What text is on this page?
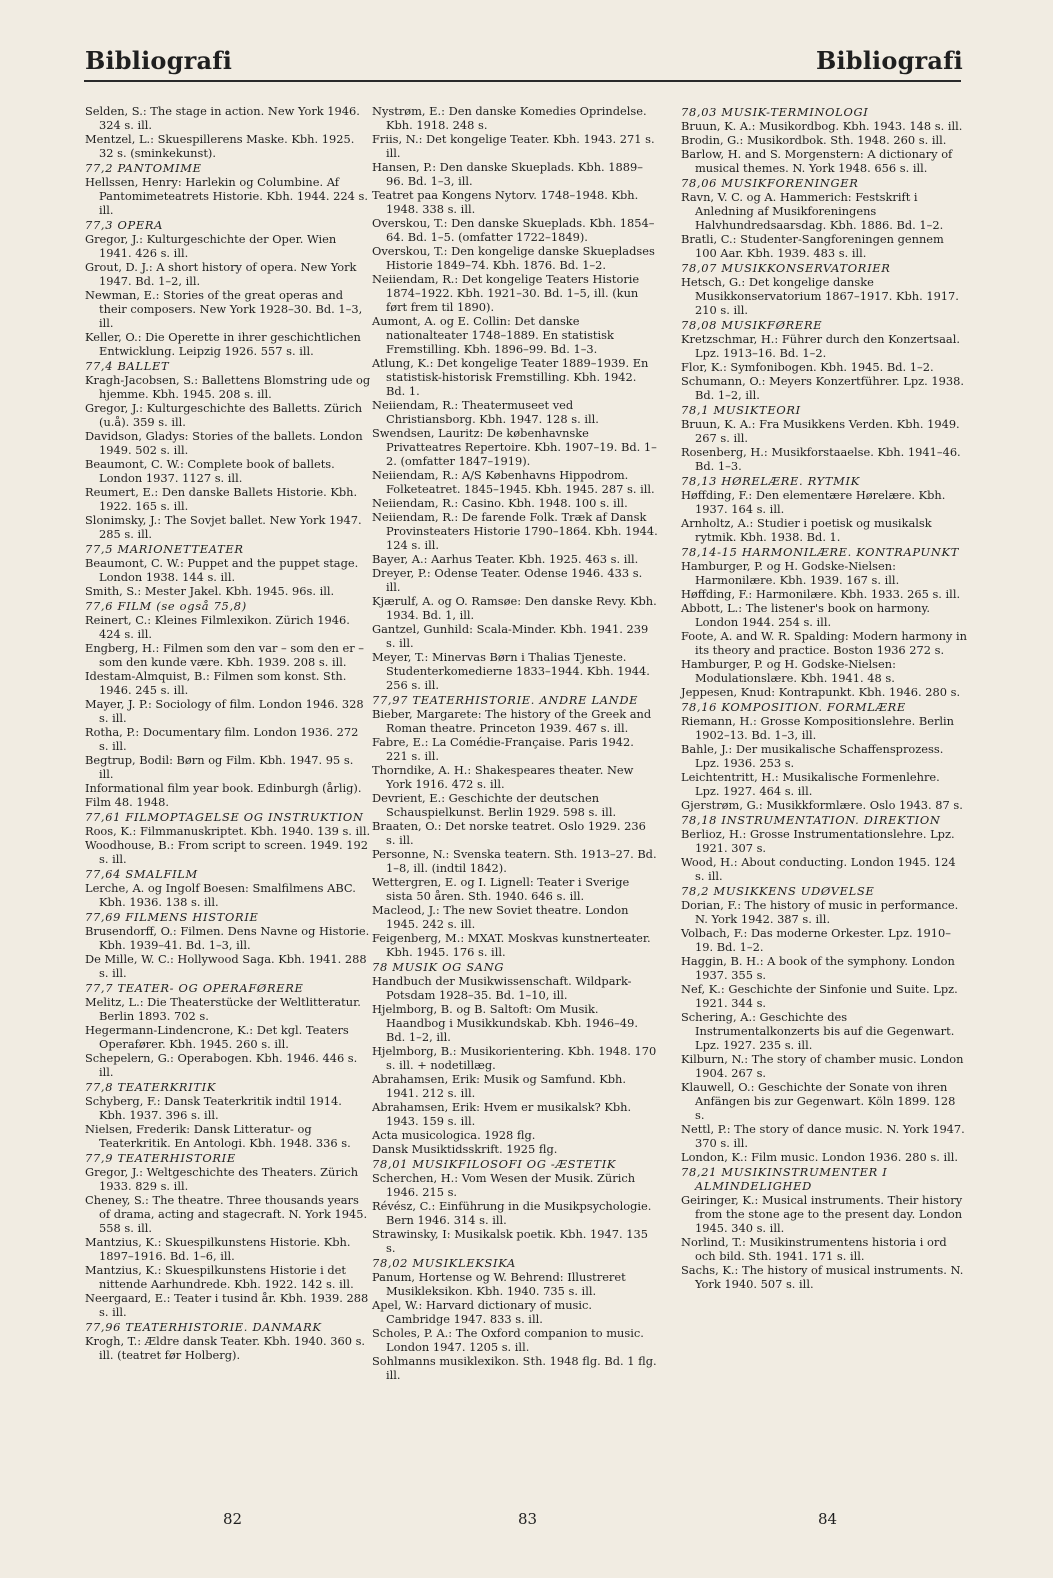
Bibliografi	Bibliografi

Selden, S.: The stage in action. New York 1946. 324 s. ill.

Mentzel, L.: Skuespillerens Maske. Kbh. 1925. 32 s. (sminkekunst).

77,2 PANTOMIME

Hellssen, Henry: Harlekin og Columbine. Af Pantomimeteatrets Historie. Kbh. 1944. 224 s. ill.

77,3 OPERA

Gregor, J.: Kulturgeschichte der Oper. Wien 1941. 426 s. ill.

Grout, D. J.: A short history of opera. New York 1947. Bd. 1–2, ill.

Newman, E.: Stories of the great operas and their composers. New York 1928–30. Bd. 1–3, ill.

Keller, O.: Die Operette in ihrer geschichtlichen Entwicklung. Leipzig 1926. 557 s. ill.

77,4 BALLET

Kragh-Jacobsen, S.: Ballettens Blomstring ude og hjemme. Kbh. 1945. 208 s. ill.

Gregor, J.: Kulturgeschichte des Balletts. Zürich (u.å). 359 s. ill.

Davidson, Gladys: Stories of the ballets. London 1949. 502 s. ill.

Beaumont, C. W.: Complete book of ballets. London 1937. 1127 s. ill.

Reumert, E.: Den danske Ballets Historie. Kbh. 1922. 165 s. ill.

Slonimsky, J.: The Sovjet ballet. New York 1947. 285 s. ill.

77,5 MARIONETTEATER

Beaumont, C. W.: Puppet and the puppet stage. London 1938. 144 s. ill.

Smith, S.: Mester Jakel. Kbh. 1945. 96s. ill.

77,6 FILM (se også 75,8)

Reinert, C.: Kleines Filmlexikon. Zürich 1946. 424 s. ill.

Engberg, H.: Filmen som den var – som den er – som den kunde være. Kbh. 1939. 208 s. ill.

Idestam-Almquist, B.: Filmen som konst. Sth. 1946. 245 s. ill.

Mayer, J. P.: Sociology of film. London 1946. 328 s. ill.

Rotha, P.: Documentary film. London 1936. 272 s. ill.

Begtrup, Bodil: Børn og Film. Kbh. 1947. 95 s. ill.

Informational film year book. Edinburgh (årlig).

Film 48. 1948.

77,61 FILMOPTAGELSE OG INSTRUKTION

Roos, K.: Filmmanuskriptet. Kbh. 1940. 139 s. ill.

Woodhouse, B.: From script to screen. 1949. 192 s. ill.

77,64 SMALFILM

Lerche, A. og Ingolf Boesen: Smalfilmens ABC. Kbh. 1936. 138 s. ill.

77,69 FILMENS HISTORIE

Brusendorff, O.: Filmen. Dens Navne og Historie. Kbh. 1939–41. Bd. 1–3, ill.

De Mille, W. C.: Hollywood Saga. Kbh. 1941. 288 s. ill.

77,7 TEATER- OG OPERAFØRERE

Melitz, L.: Die Theaterstücke der Weltlitteratur. Berlin 1893. 702 s.

Hegermann-Lindencrone, K.: Det kgl. Teaters Operafører. Kbh. 1945. 260 s. ill.

Schepelern, G.: Operabogen. Kbh. 1946. 446 s. ill.

77,8 TEATERKRITIK

Schyberg, F.: Dansk Teaterkritik indtil 1914. Kbh. 1937. 396 s. ill.

Nielsen, Frederik: Dansk Litteratur- og Teaterkritik. En Antologi. Kbh. 1948. 336 s.

77,9 TEATERHISTORIE

Gregor, J.: Weltgeschichte des Theaters. Zürich 1933. 829 s. ill.

Cheney, S.: The theatre. Three thousands years of drama, acting and stagecraft. N. York 1945. 558 s. ill.

Mantzius, K.: Skuespilkunstens Historie. Kbh. 1897–1916. Bd. 1–6, ill.

Mantzius, K.: Skuespilkunstens Historie i det nittende Aarhundrede. Kbh. 1922. 142 s. ill.

Neergaard, E.: Teater i tusind år. Kbh. 1939. 288 s. ill.

77,96 TEATERHISTORIE. DANMARK

Krogh, T.: Ældre dansk Teater. Kbh. 1940. 360 s. ill. (teatret før Holberg).

Nystrøm, E.: Den danske Komedies Oprindelse. Kbh. 1918. 248 s.

Friis, N.: Det kongelige Teater. Kbh. 1943. 271 s. ill.

Hansen, P.: Den danske Skueplads. Kbh. 1889–96. Bd. 1–3, ill.

Teatret paa Kongens Nytorv. 1748–1948. Kbh. 1948. 338 s. ill.

Overskou, T.: Den danske Skueplads. Kbh. 1854–64. Bd. 1–5. (omfatter 1722–1849).

Overskou, T.: Den kongelige danske Skuepladses Historie 1849–74. Kbh. 1876. Bd. 1–2.

Neiiendam, R.: Det kongelige Teaters Historie 1874–1922. Kbh. 1921–30. Bd. 1–5, ill. (kun ført frem til 1890).

Aumont, A. og E. Collin: Det danske nationalteater 1748–1889. En statistisk Fremstilling. Kbh. 1896–99. Bd. 1–3.

Atlung, K.: Det kongelige Teater 1889–1939. En statistisk-historisk Fremstilling. Kbh. 1942. Bd. 1.

Neiiendam, R.: Theatermuseet ved Christiansborg. Kbh. 1947. 128 s. ill.

Swendsen, Lauritz: De københavnske Privatteatres Repertoire. Kbh. 1907–19. Bd. 1–2. (omfatter 1847–1919).

Neiiendam, R.: A/S Københavns Hippodrom. Folketeatret. 1845–1945. Kbh. 1945. 287 s. ill.

Neiiendam, R.: Casino. Kbh. 1948. 100 s. ill.

Neiiendam, R.: De farende Folk. Træk af Dansk Provinsteaters Historie 1790–1864. Kbh. 1944. 124 s. ill.

Bayer, A.: Aarhus Teater. Kbh. 1925. 463 s. ill.

Dreyer, P.: Odense Teater. Odense 1946. 433 s. ill.

Kjærulf, A. og O. Ramsøe: Den danske Revy. Kbh. 1934. Bd. 1, ill.

Gantzel, Gunhild: Scala-Minder. Kbh. 1941. 239 s. ill.

Meyer, T.: Minervas Børn i Thalias Tjeneste. Studenterkomedierne 1833–1944. Kbh. 1944. 256 s. ill.

77,97 TEATERHISTORIE. ANDRE LANDE

Bieber, Margarete: The history of the Greek and Roman theatre. Princeton 1939. 467 s. ill.

Fabre, E.: La Comédie-Française. Paris 1942. 221 s. ill.

Thorndike, A. H.: Shakespeares theater. New York 1916. 472 s. ill.

Devrient, E.: Geschichte der deutschen Schauspielkunst. Berlin 1929. 598 s. ill.

Braaten, O.: Det norske teatret. Oslo 1929. 236 s. ill.

Personne, N.: Svenska teatern. Sth. 1913–27. Bd. 1–8, ill. (indtil 1842).

Wettergren, E. og I. Lignell: Teater i Sverige sista 50 åren. Sth. 1940. 646 s. ill.

Macleod, J.: The new Soviet theatre. London 1945. 242 s. ill.

Feigenberg, M.: MXAT. Moskvas kunstnerteater. Kbh. 1945. 176 s. ill.

78 MUSIK OG SANG

Handbuch der Musikwissenschaft. Wildpark-Potsdam 1928–35. Bd. 1–10, ill.

Hjelmborg, B. og B. Saltoft: Om Musik. Haandbog i Musikkundskab. Kbh. 1946–49. Bd. 1–2, ill.

Hjelmborg, B.: Musikorientering. Kbh. 1948. 170 s. ill. + nodetillæg.

Abrahamsen, Erik: Musik og Samfund. Kbh. 1941. 212 s. ill.

Abrahamsen, Erik: Hvem er musikalsk? Kbh. 1943. 159 s. ill.

Acta musicologica. 1928 flg.

Dansk Musiktidsskrift. 1925 flg.

78,01 MUSIKFILOSOFI OG -ÆSTETIK

Scherchen, H.: Vom Wesen der Musik. Zürich 1946. 215 s.

Révész, C.: Einführung in die Musikpsychologie. Bern 1946. 314 s. ill.

Strawinsky, I: Musikalsk poetik. Kbh. 1947. 135 s.

78,02 MUSIKLEKSIKA

Panum, Hortense og W. Behrend: Illustreret Musikleksikon. Kbh. 1940. 735 s. ill.

Apel, W.: Harvard dictionary of music. Cambridge 1947. 833 s. ill.

Scholes, P. A.: The Oxford companion to music. London 1947. 1205 s. ill.

Sohlmanns musiklexikon. Sth. 1948 flg. Bd. 1 flg. ill.

78,03 MUSIK-TERMINOLOGI

Bruun, K. A.: Musikordbog. Kbh. 1943. 148 s. ill.

Brodin, G.: Musikordbok. Sth. 1948. 260 s. ill.

Barlow, H. and S. Morgenstern: A dictionary of musical themes. N. York 1948. 656 s. ill.

78,06 MUSIKFORENINGER

Ravn, V. C. og A. Hammerich: Festskrift i Anledning af Musikforeningens Halvhundredsaarsdag. Kbh. 1886. Bd. 1–2.

Bratli, C.: Studenter-Sangforeningen gennem 100 Aar. Kbh. 1939. 483 s. ill.

78,07 MUSIKKONSERVATORIER

Hetsch, G.: Det kongelige danske Musikkonservatorium 1867–1917. Kbh. 1917. 210 s. ill.

78,08 MUSIKFØRERE

Kretzschmar, H.: Führer durch den Konzertsaal. Lpz. 1913–16. Bd. 1–2.

Flor, K.: Symfonibogen. Kbh. 1945. Bd. 1–2.

Schumann, O.: Meyers Konzertführer. Lpz. 1938. Bd. 1–2, ill.

78,1 MUSIKTEORI

Bruun, K. A.: Fra Musikkens Verden. Kbh. 1949. 267 s. ill.

Rosenberg, H.: Musikforstaaelse. Kbh. 1941–46. Bd. 1–3.

78,13 HØRELÆRE. RYTMIK

Høffding, F.: Den elementære Hørelære. Kbh. 1937. 164 s. ill.

Arnholtz, A.: Studier i poetisk og musikalsk rytmik. Kbh. 1938. Bd. 1.

78,14-15 HARMONILÆRE. KONTRAPUNKT

Hamburger, P. og H. Godske-Nielsen: Harmonilære. Kbh. 1939. 167 s. ill.

Høffding, F.: Harmonilære. Kbh. 1933. 265 s. ill.

Abbott, L.: The listener's book on harmony. London 1944. 254 s. ill.

Foote, A. and W. R. Spalding: Modern harmony in its theory and practice. Boston 1936 272 s.

Hamburger, P. og H. Godske-Nielsen: Modulationslære. Kbh. 1941. 48 s.

Jeppesen, Knud: Kontrapunkt. Kbh. 1946. 280 s.

78,16 KOMPOSITION. FORMLÆRE

Riemann, H.: Grosse Kompositionslehre. Berlin 1902–13. Bd. 1–3, ill.

Bahle, J.: Der musikalische Schaffensprozess. Lpz. 1936. 253 s.

Leichtentritt, H.: Musikalische Formenlehre. Lpz. 1927. 464 s. ill.

Gjerstrøm, G.: Musikkformlære. Oslo 1943. 87 s.

78,18 INSTRUMENTATION. DIREKTION

Berlioz, H.: Grosse Instrumentationslehre. Lpz. 1921. 307 s.

Wood, H.: About conducting. London 1945. 124 s. ill.

78,2 MUSIKKENS UDØVELSE

Dorian, F.: The history of music in performance. N. York 1942. 387 s. ill.

Volbach, F.: Das moderne Orkester. Lpz. 1910–19. Bd. 1–2.

Haggin, B. H.: A book of the symphony. London 1937. 355 s.

Nef, K.: Geschichte der Sinfonie und Suite. Lpz. 1921. 344 s.

Schering, A.: Geschichte des Instrumentalkonzerts bis auf die Gegenwart. Lpz. 1927. 235 s. ill.

Kilburn, N.: The story of chamber music. London 1904. 267 s.

Klauwell, O.: Geschichte der Sonate von ihren Anfängen bis zur Gegenwart. Köln 1899. 128 s.

Nettl, P.: The story of dance music. N. York 1947. 370 s. ill.

London, K.: Film music. London 1936. 280 s. ill.

78,21 MUSIKINSTRUMENTER I ALMINDELIGHED

Geiringer, K.: Musical instruments. Their history from the stone age to the present day. London 1945. 340 s. ill.

Norlind, T.: Musikinstrumentens historia i ord och bild. Sth. 1941. 171 s. ill.

Sachs, K.: The history of musical instruments. N. York 1940. 507 s. ill.

82	83	84
